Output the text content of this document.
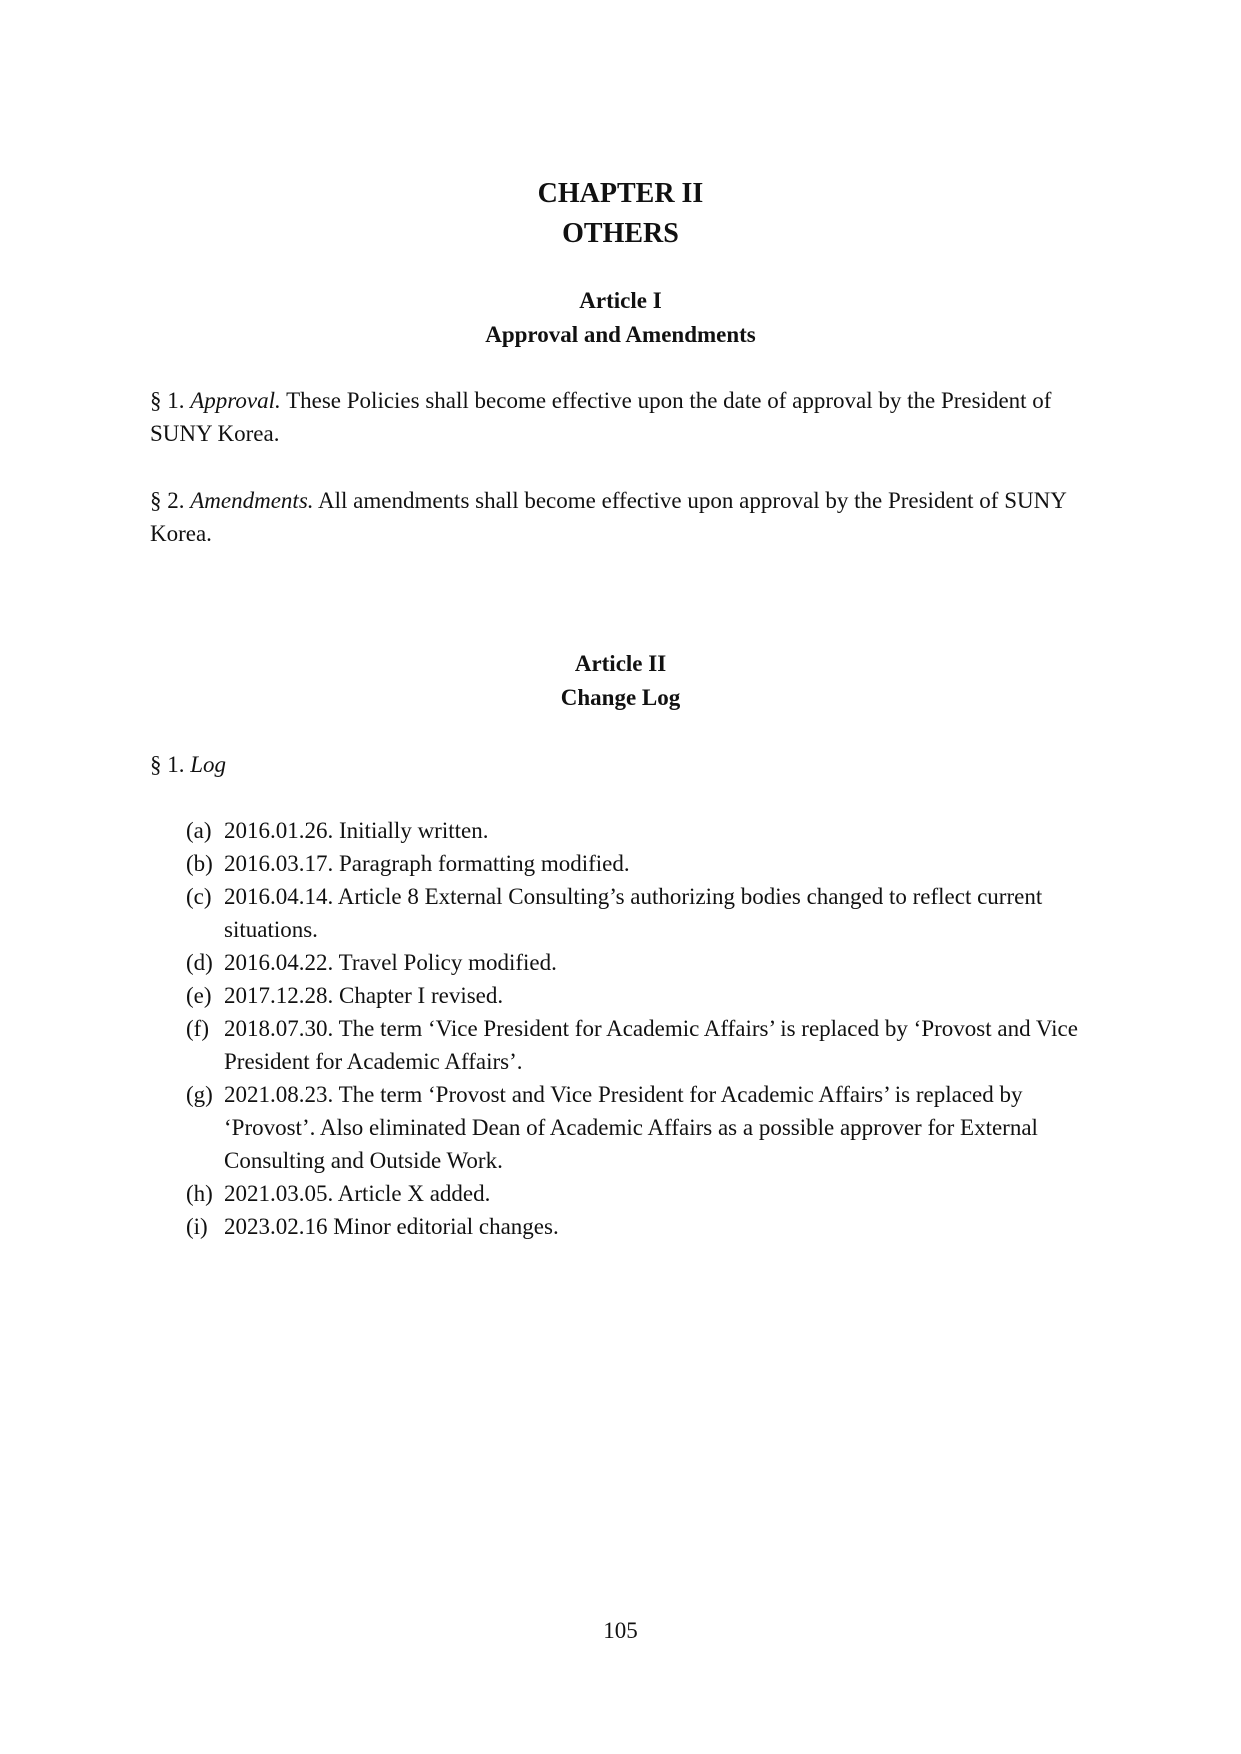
CHAPTER II
OTHERS
Article I
Approval and Amendments
§ 1. Approval. These Policies shall become effective upon the date of approval by the President of SUNY Korea.
§ 2. Amendments. All amendments shall become effective upon approval by the President of SUNY Korea.
Article II
Change Log
§ 1. Log
(a) 2016.01.26. Initially written.
(b) 2016.03.17. Paragraph formatting modified.
(c) 2016.04.14. Article 8 External Consulting’s authorizing bodies changed to reflect current situations.
(d) 2016.04.22. Travel Policy modified.
(e) 2017.12.28. Chapter I revised.
(f) 2018.07.30. The term ‘Vice President for Academic Affairs’ is replaced by ‘Provost and Vice President for Academic Affairs’.
(g) 2021.08.23. The term ‘Provost and Vice President for Academic Affairs’ is replaced by ‘Provost’. Also eliminated Dean of Academic Affairs as a possible approver for External Consulting and Outside Work.
(h) 2021.03.05. Article X added.
(i) 2023.02.16 Minor editorial changes.
105
